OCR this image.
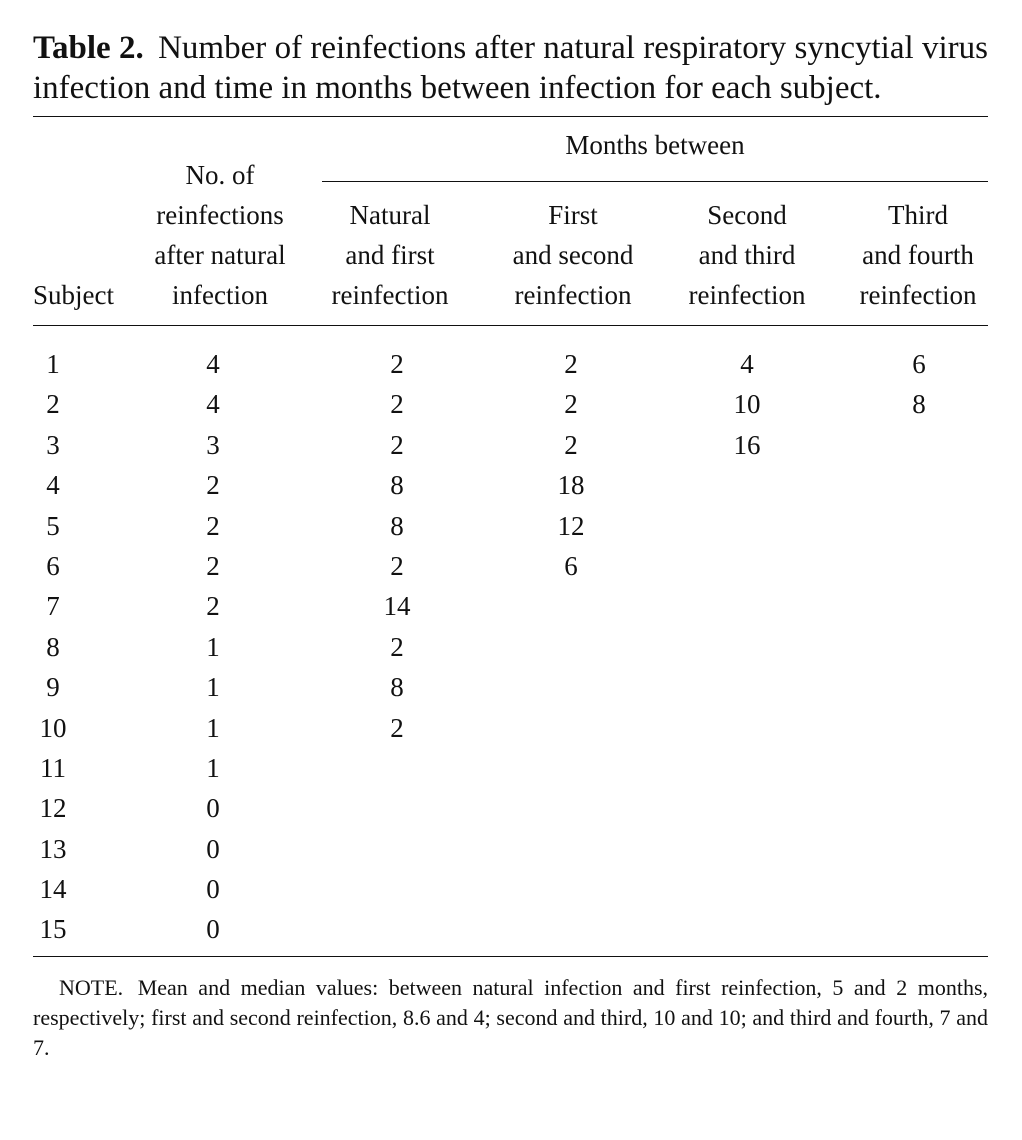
Table 2. Number of reinfections after natural respiratory syncytial virus infection and time in months between infection for each subject.

Subject
No. of
reinfections
after natural
infection
Months between
Natural
and first
reinfection
First
and second
reinfection
Second
and third
reinfection
Third
and fourth
reinfection
1	4	2	2	4	6
2	4	2	2	10	8
3	3	2	2	16
4	2	8	18
5	2	8	12
6	2	2	6
7	2	14
8	1	2
9	1	8
10	1	2
11	1
12	0
13	0
14	0
15	0

NOTE. Mean and median values: between natural infection and first reinfection, 5 and 2 months, respectively; first and second reinfection, 8.6 and 4; second and third, 10 and 10; and third and fourth, 7 and 7.
